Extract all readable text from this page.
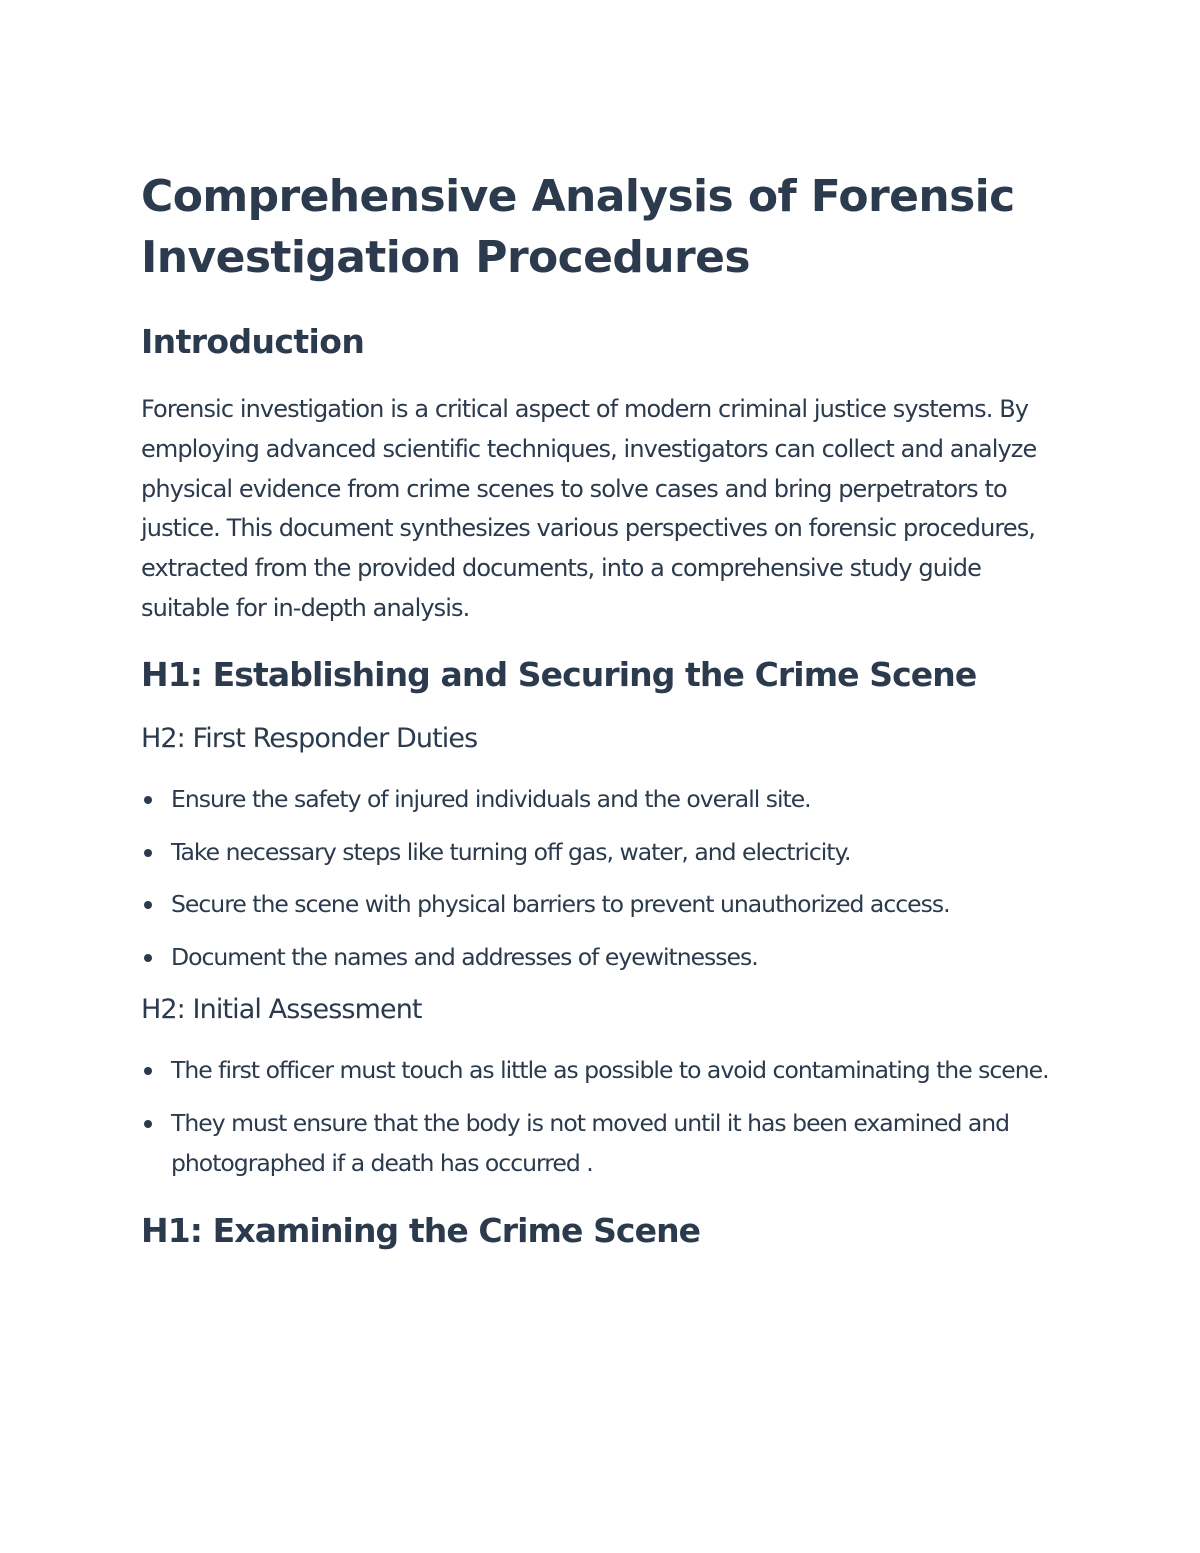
Comprehensive Analysis of Forensic Investigation Procedures
Introduction

Forensic investigation is a critical aspect of modern criminal justice systems. By employing advanced scientific techniques, investigators can collect and analyze physical evidence from crime scenes to solve cases and bring perpetrators to justice. This document synthesizes various perspectives on forensic procedures, extracted from the provided documents, into a comprehensive study guide suitable for in-depth analysis.

H1: Establishing and Securing the Crime Scene
H2: First Responder Duties
Ensure the safety of injured individuals and the overall site.
Take necessary steps like turning off gas, water, and electricity.
Secure the scene with physical barriers to prevent unauthorized access.
Document the names and addresses of eyewitnesses.
H2: Initial Assessment
The first officer must touch as little as possible to avoid contaminating the scene.
They must ensure that the body is not moved until it has been examined and photographed if a death has occurred .
H1: Examining the Crime Scene
